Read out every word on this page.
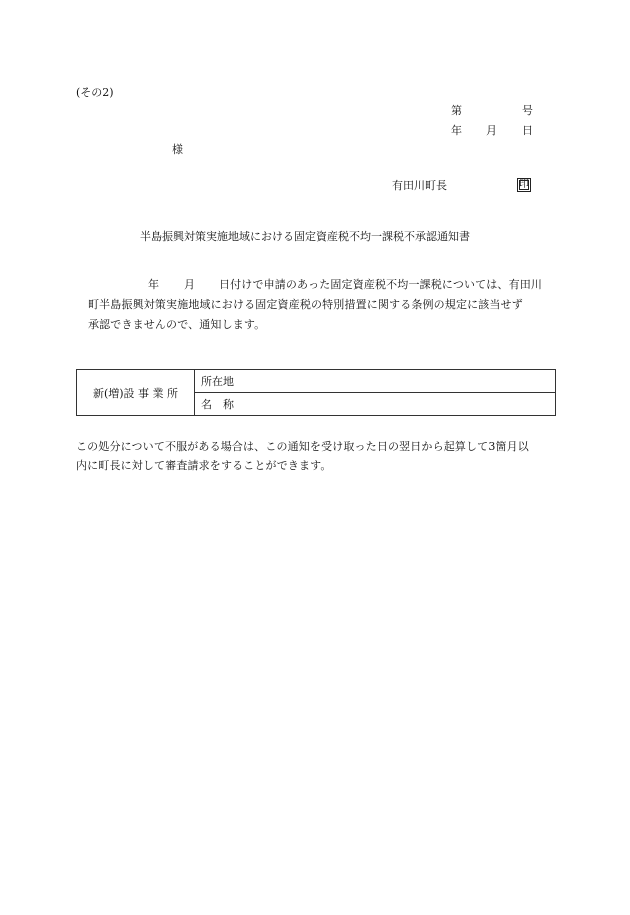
(その2)
第	号
年 月 日
様
有田川町長	印
半島振興対策実施地域における固定資産税不均一課税不承認通知書
年 月 日付けで申請のあった固定資産税不均一課税については、有田川
町半島振興対策実施地域における固定資産税の特別措置に関する条例の規定に該当せず
承認できませんので、通知します。
新(増)設 事 業 所	所在地
名　称
この処分について不服がある場合は、この通知を受け取った日の翌日から起算して3箇月以
内に町長に対して審査請求をすることができます。
